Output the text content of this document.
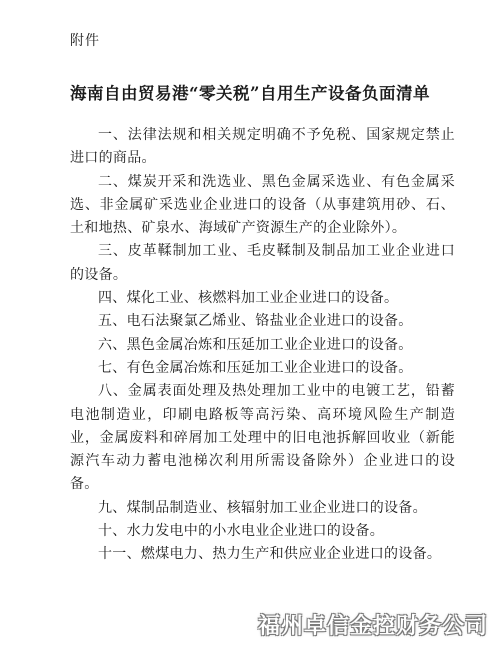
附件
海南自由贸易港“零关税”自用生产设备负面清单

一、法律法规和相关规定明确不予免税、国家规定禁止进口的商品。

二、煤炭开采和洗选业、黑色金属采选业、有色金属采选、非金属矿采选业企业进口的设备（从事建筑用砂、石、土和地热、矿泉水、海域矿产资源生产的企业除外）。

三、皮革鞣制加工业、毛皮鞣制及制品加工业企业进口的设备。

四、煤化工业、核燃料加工业企业进口的设备。

五、电石法聚氯乙烯业、铬盐业企业进口的设备。

六、黑色金属冶炼和压延加工业企业进口的设备。

七、有色金属冶炼和压延加工业企业进口的设备。

八、金属表面处理及热处理加工业中的电镀工艺，铅蓄电池制造业，印刷电路板等高污染、高环境风险生产制造业，金属废料和碎屑加工处理中的旧电池拆解回收业（新能源汽车动力蓄电池梯次利用所需设备除外）企业进口的设备。

九、煤制品制造业、核辐射加工业企业进口的设备。

十、水力发电中的小水电业企业进口的设备。

十一、燃煤电力、热力生产和供应业企业进口的设备。

福州卓信金控财务公司
